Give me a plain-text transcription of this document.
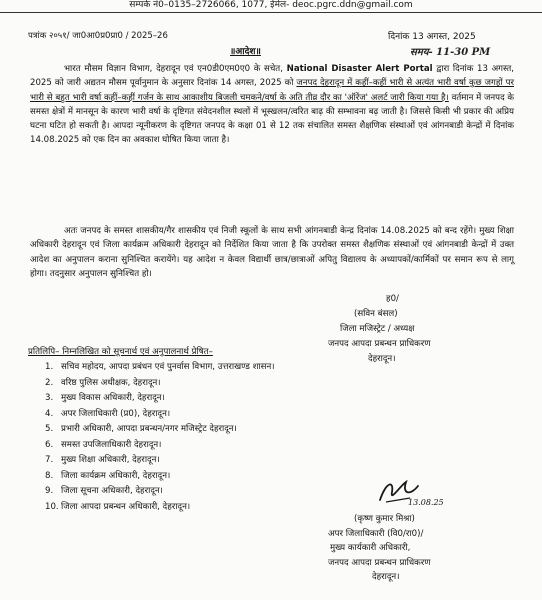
सम्पर्क नं0–0135–2726066, 1077, ईमेल- deoc.pgrc.ddn@gmail.com
पत्रांक २०५१/ जा0आ0प्र0प्रा0 / 2025–26	दिनांक 13 अगस्त, 2025
॥आदेश॥	समय- 11-30 PM
भारत मौसम विज्ञान विभाग, देहरादून एवं एन0डी0एम0ए0 के सचेत, National Disaster Alert Portal द्वारा दिनांक 13 अगस्त, 2025 को जारी अद्यतन मौसम पूर्वानुमान के अनुसार दिनांक 14 अगस्त, 2025 को जनपद देहरादून में कहीं–कहीं भारी से अत्यंत भारी वर्षा कुछ जगहों पर भारी से बहुत भारी वर्षा कहीं–कहीं गर्जन के साथ आकाशीय बिजली चमकने/वर्षा के अति तीव्र दौर का 'ऑरेंज' अलर्ट जारी किया गया है। वर्तमान में जनपद के समस्त क्षेत्रों में मानसून के कारण भारी वर्षा के दृष्टिगत संवेदनशील स्थलों में भूस्खलन/त्वरित बाढ़ की सम्भावना बढ़ जाती है। जिससे किसी भी प्रकार की अप्रिय घटना घटित हो सकती है। आपदा न्यूनीकरण के दृष्टिगत जनपद के कक्षा 01 से 12 तक संचालित समस्त शैक्षणिक संस्थाओं एवं आंगनबाडी केन्द्रों में दिनांक 14.08.2025 को एक दिन का अवकाश घोषित किया जाता है।
अतः जनपद के समस्त शासकीय/गैर शासकीय एवं निजी स्कूलों के साथ सभी आंगनबाडी केन्द्र दिनांक 14.08.2025 को बन्द रहेंगे। मुख्य शिक्षा अधिकारी देहरादून एवं जिला कार्यक्रम अधिकारी देहरादून को निर्देशित किया जाता है कि उपरोक्त समस्त शैक्षणिक संस्थाओं एवं आंगनबाडी केन्द्रों में उक्त आदेश का अनुपालन कराना सुनिश्चित करायेंगे। यह आदेश न केवल विद्यार्थी छात्र/छात्राओं अपितु विद्यालय के अध्यापकों/कार्मिकों पर समान रूप से लागू होगा। तदनुसार अनुपालन सुनिश्चित हो।
ह0/
(सविन बंसल)
जिला मजिस्ट्रेट / अध्यक्ष
जनपद आपदा प्रबन्धन प्राधिकरण
देहरादून।
प्रतिलिपि– निम्नलिखित को सूचनार्थ एवं अनुपालनार्थ प्रेषित–
1. सचिव महोदय, आपदा प्रबंधन एवं पुनर्वास विभाग, उत्तराखण्ड शासन।
2. वरिष्ठ पुलिस अधीक्षक, देहरादून।
3. मुख्य विकास अधिकारी, देहरादून।
4. अपर जिलाधिकारी (प्र0), देहरादून।
5. प्रभारी अधिकारी, आपदा प्रबन्धन/नगर मजिस्ट्रेट देहरादून।
6. समस्त उपजिलाधिकारी देहरादून।
7. मुख्य शिक्षा अधिकारी, देहरादून।
8. जिला कार्यक्रम अधिकारी, देहरादून।
9. जिला सूचना अधिकारी, देहरादून।
10. जिला आपदा प्रबन्धन अधिकारी, देहरादून।	13.08.25
(कृष्ण कुमार मिश्रा)
अपर जिलाधिकारी (वि0/रा0)/
मुख्य कार्यकारी अधिकारी,
जनपद आपदा प्रबन्धन प्राधिकरण
देहरादून।
